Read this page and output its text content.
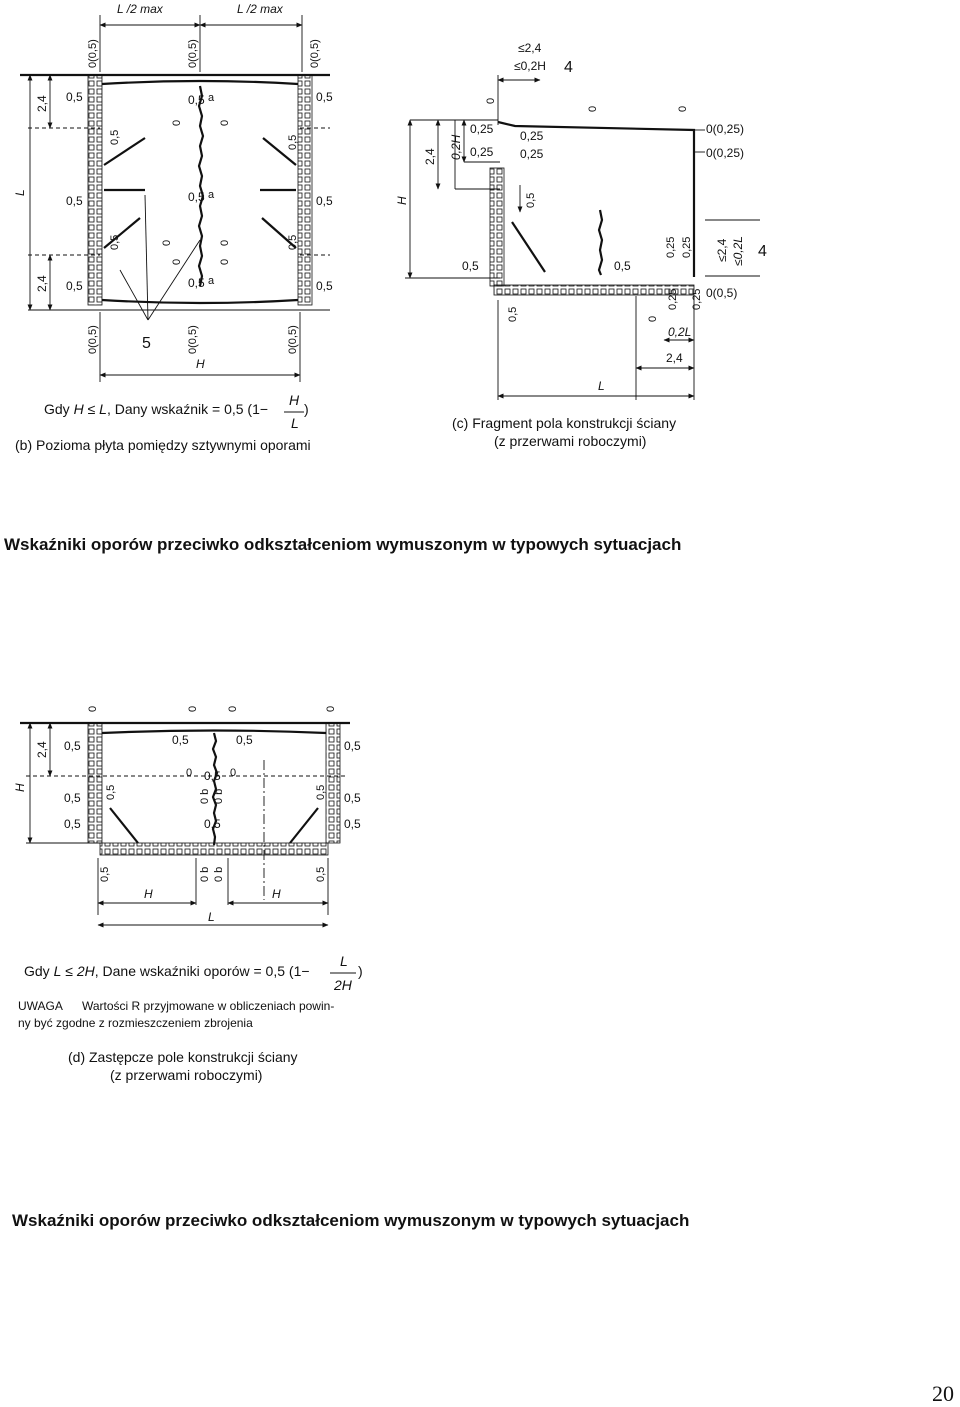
L /2 max	L /2 max
0(0,5)	0(0,5)	0(0,5)
2,4
L
2,4
0,5
0,5
0,5
0,5
0,5
0,5
0,5 a
0,5 a
0,5 a
0	0
0	0
0	0
0,5	0,5
0,5	0,5
5
0(0,5)	0(0,5)	0(0,5)
H
Gdy H ≤ L, Dany wskaźnik = 0,5 (1−
H
L
)
(b) Pozioma płyta pomiędzy sztywnymi oporami
≤2,4
≤0,2H 4
0
0	0
2,4 0,2H
H
0,25
0,25
0,25
0,25
0(0,25)
0(0,25)
0,5
0,5	0,5
0,5
0,25 0,25
0,25 0,25
0
≤2,4 ≤0,2L 4
0(0,5)
0,2L
2,4
L
(c) Fragment pola konstrukcji ściany
(z przerwami roboczymi)
Wskaźniki oporów przeciwko odkształceniom wymuszonym w typowych sytuacjach
0	0	0	0
2,4
H
0,5
0,5
0,5
0,5
0,5
0,5
0,5	0,5
0,5
0,5
0	0
0b
0b
0,5	0,5
0,5	0b
0b	0,5
H	H
L
Gdy L ≤ 2H, Dane wskaźniki oporów = 0,5 (1−
L
2H
)
UWAGA Wartości R przyjmowane w obliczeniach powin-
ny być zgodne z rozmieszczeniem zbrojenia
(d) Zastępcze pole konstrukcji ściany
(z przerwami roboczymi)
Wskaźniki oporów przeciwko odkształceniom wymuszonym w typowych sytuacjach
20
